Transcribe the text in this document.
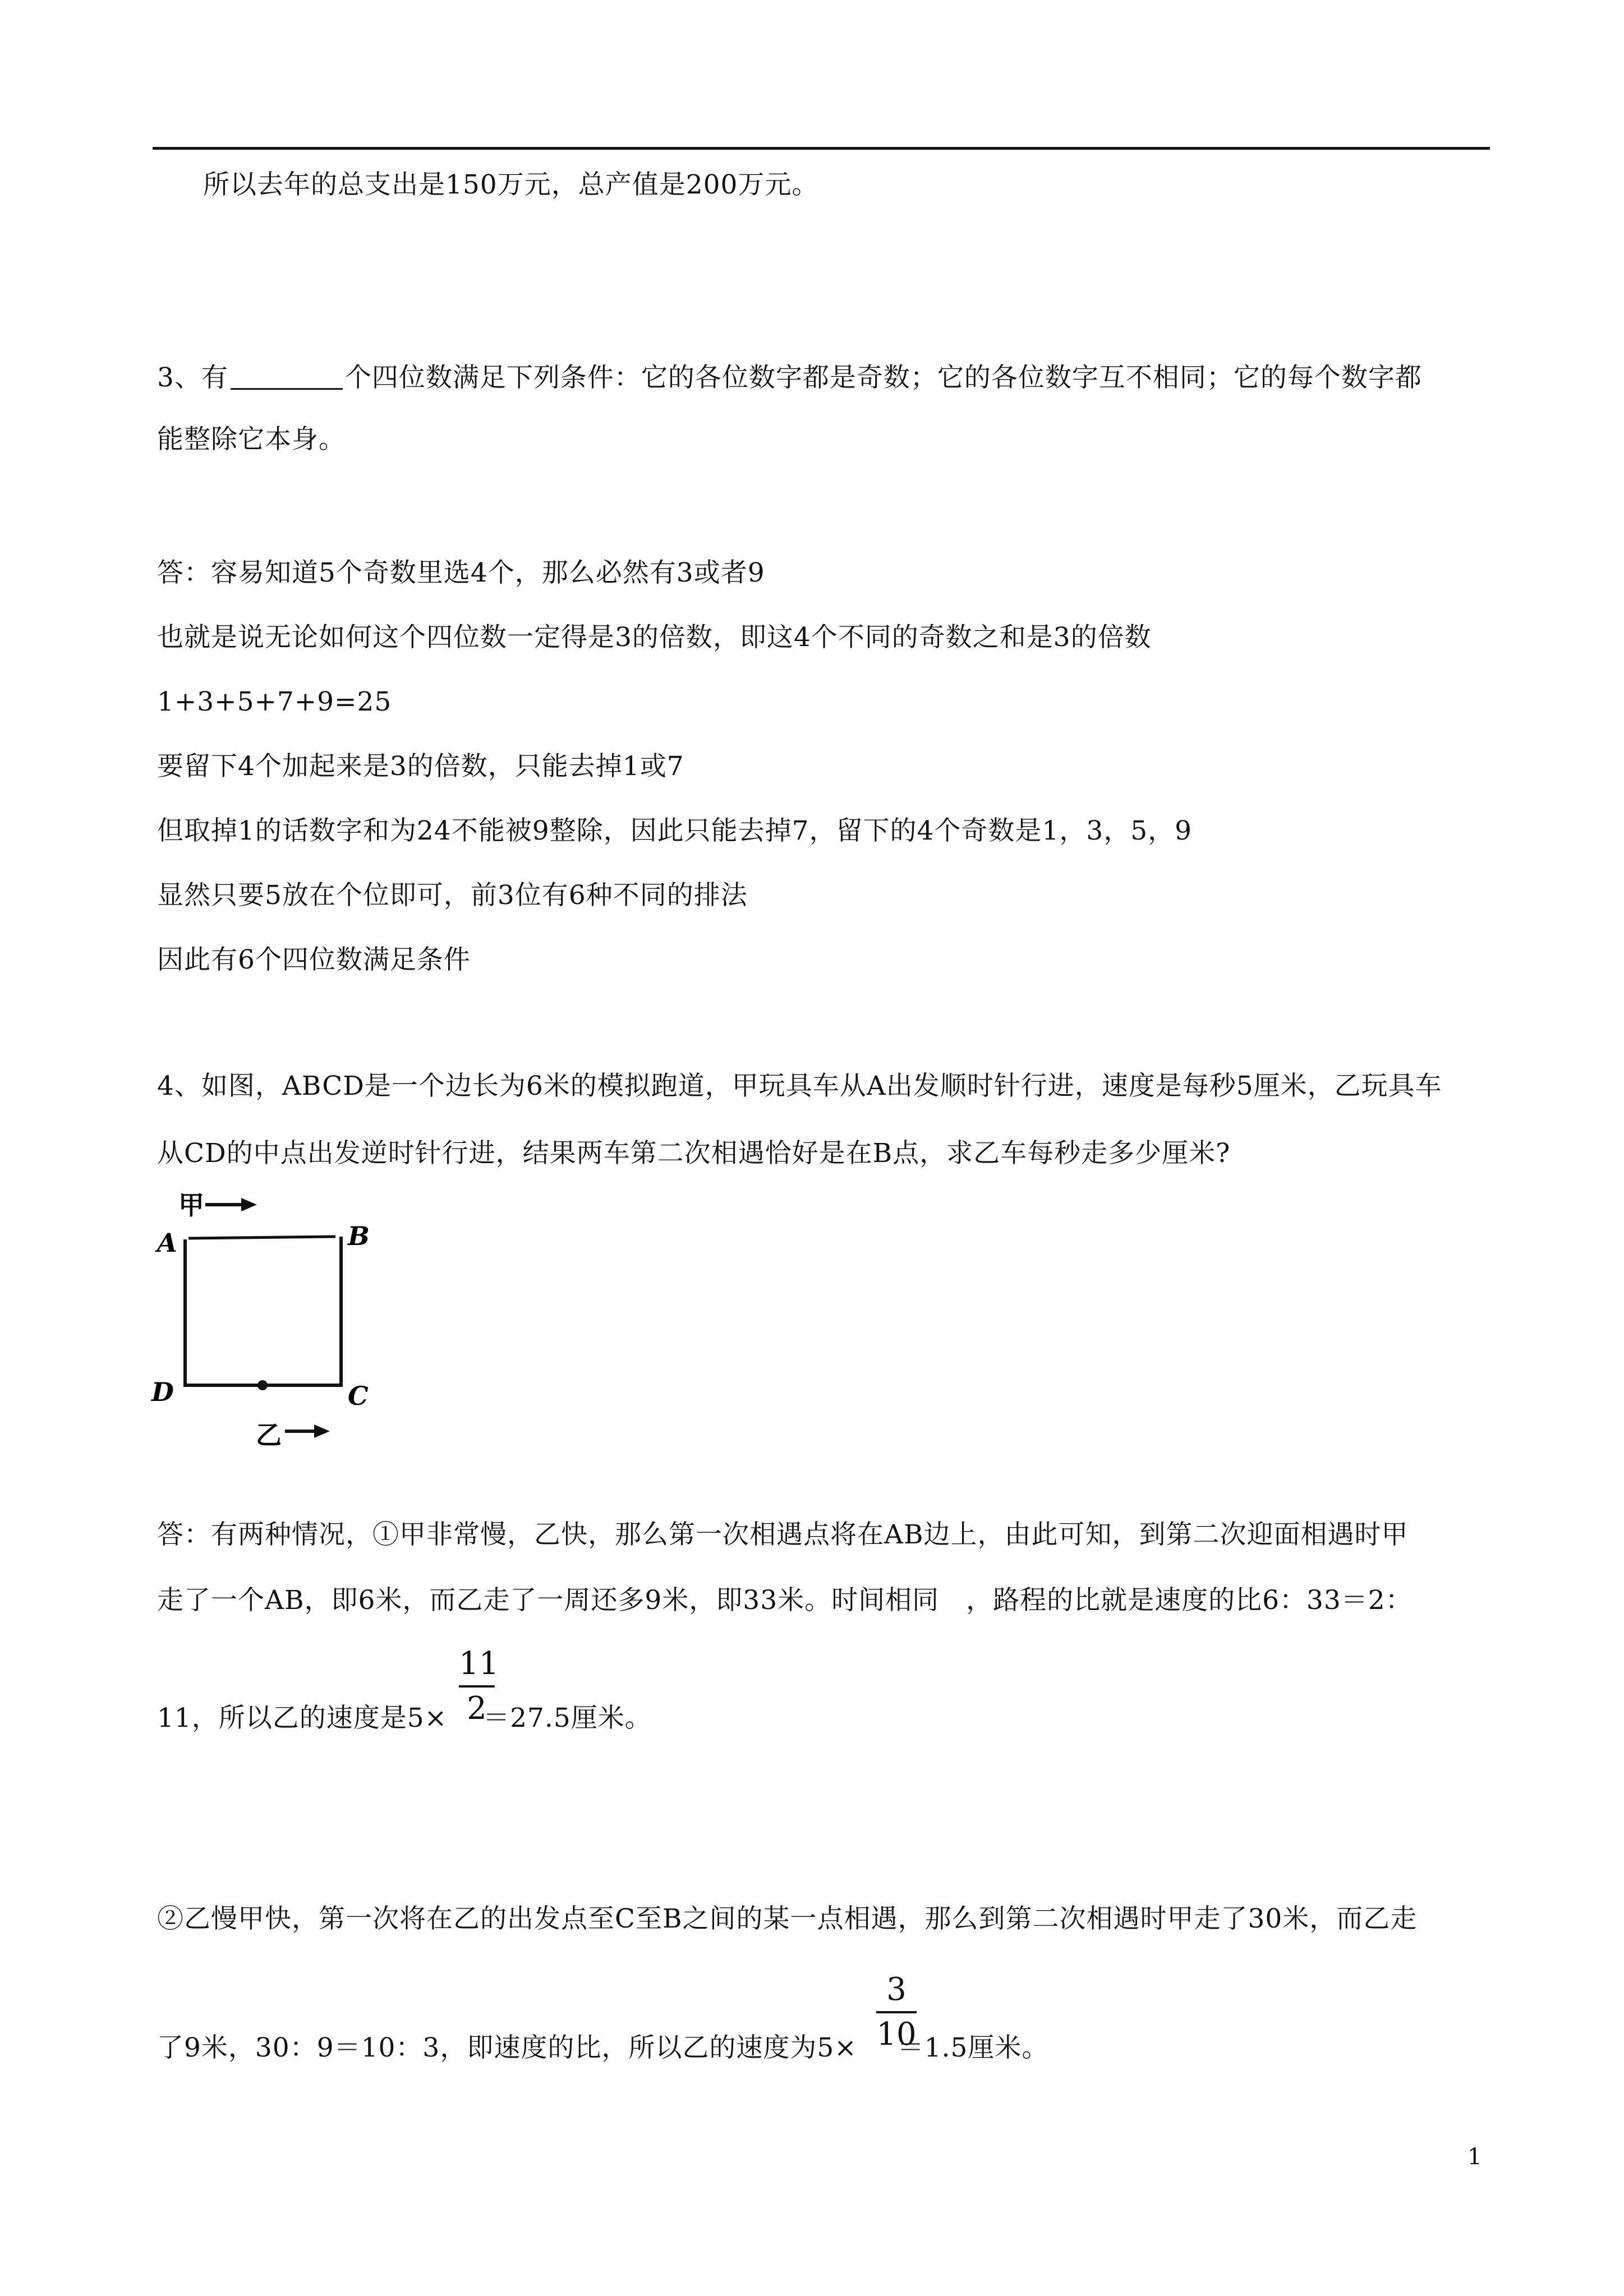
所以去年的总支出是150万元，总产值是200万元。
3、有	个四位数满足下列条件：它的各位数字都是奇数；它的各位数字互不相同；它的每个数字都
能整除它本身。
答：容易知道5个奇数里选4个，那么必然有3或者9
也就是说无论如何这个四位数一定得是3的倍数，即这4个不同的奇数之和是3的倍数
1+3+5+7+9=25
要留下4个加起来是3的倍数，只能去掉1或7
但取掉1的话数字和为24不能被9整除，因此只能去掉7，留下的4个奇数是1，3，5，9
显然只要5放在个位即可，前3位有6种不同的排法
因此有6个四位数满足条件
4、如图，ABCD是一个边长为6米的模拟跑道，甲玩具车从A出发顺时针行进，速度是每秒5厘米，乙玩具车
从CD的中点出发逆时针行进，结果两车第二次相遇恰好是在B点，求乙车每秒走多少厘米?
甲
A	B
D	C
乙
答：有两种情况，①甲非常慢，乙快，那么第一次相遇点将在AB边上，由此可知，到第二次迎面相遇时甲
走了一个AB，即6米，而乙走了一周还多9米，即33米。时间相同　，路程的比就是速度的比6：33＝2：
11，所以乙的速度是5× ＝27.5厘米。
11
2
②乙慢甲快，第一次将在乙的出发点至C至B之间的某一点相遇，那么到第二次相遇时甲走了30米，而乙走
了9米，30：9＝10：3，即速度的比，所以乙的速度为5× ＝1.5厘米。
3
10
1
